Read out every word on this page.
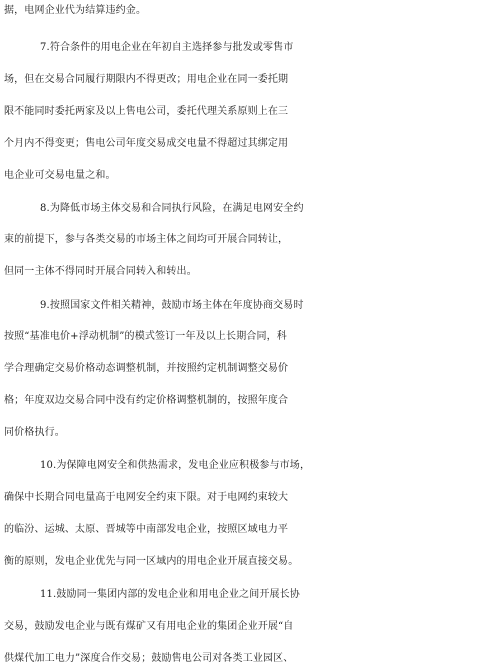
据，电网企业代为结算违约金。
7.符合条件的用电企业在年初自主选择参与批发或零售市
场，但在交易合同履行期限内不得更改；用电企业在同一委托期
限不能同时委托两家及以上售电公司，委托代理关系原则上在三
个月内不得变更；售电公司年度交易成交电量不得超过其绑定用
电企业可交易电量之和。
8.为降低市场主体交易和合同执行风险，在满足电网安全约
束的前提下，参与各类交易的市场主体之间均可开展合同转让，
但同一主体不得同时开展合同转入和转出。
9.按照国家文件相关精神，鼓励市场主体在年度协商交易时
按照“基准电价+浮动机制”的模式签订一年及以上长期合同，科
学合理确定交易价格动态调整机制，并按照约定机制调整交易价
格；年度双边交易合同中没有约定价格调整机制的，按照年度合
同价格执行。
10.为保障电网安全和供热需求，发电企业应积极参与市场，
确保中长期合同电量高于电网安全约束下限。对于电网约束较大
的临汾、运城、太原、晋城等中南部发电企业，按照区域电力平
衡的原则，发电企业优先与同一区域内的用电企业开展直接交易。
11.鼓励同一集团内部的发电企业和用电企业之间开展长协
交易，鼓励发电企业与既有煤矿又有用电企业的集团企业开展“自
供煤代加工电力”深度合作交易；鼓励售电公司对各类工业园区、
